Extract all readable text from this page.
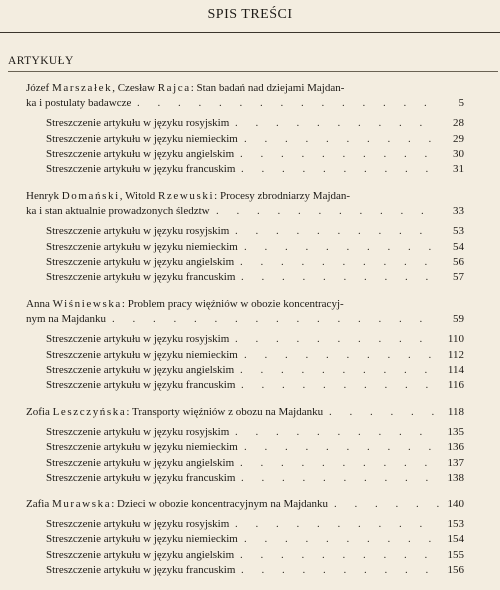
SPIS TREŚCI
ARTYKUŁY
Józef Marszałek, Czesław Rajca: Stan badań nad dziejami Majdan-
ka i postulaty badawcze . . .	5
Streszczenie artykułu w języku rosyjskim . . .	28
Streszczenie artykułu w języku niemieckim . . .	29
Streszczenie artykułu w języku angielskim . . .	30
Streszczenie artykułu w języku francuskim . . .	31
Henryk Domański, Witold Rzewuski: Procesy zbrodniarzy Majdan-
ka i stan aktualnie prowadzonych śledztw . . .	33
Streszczenie artykułu w języku rosyjskim . . .	53
Streszczenie artykułu w języku niemieckim . . .	54
Streszczenie artykułu w języku angielskim . . .	56
Streszczenie artykułu w języku francuskim . . .	57
Anna Wiśniewska: Problem pracy więźniów w obozie koncentracyj-
nym na Majdanku . . .	59
Streszczenie artykułu w języku rosyjskim . . .	110
Streszczenie artykułu w języku niemieckim . . .	112
Streszczenie artykułu w języku angielskim . . .	114
Streszczenie artykułu w języku francuskim . . .	116
Zofia Leszczyńska: Transporty więźniów z obozu na Majdanku . . .	118
Streszczenie artykułu w języku rosyjskim . . .	135
Streszczenie artykułu w języku niemieckim . . .	136
Streszczenie artykułu w języku angielskim . . .	137
Streszczenie artykułu w języku francuskim . . .	138
Zafia Murawska: Dzieci w obozie koncentracyjnym na Majdanku . . .	140
Streszczenie artykułu w języku rosyjskim . . .	153
Streszczenie artykułu w języku niemieckim . . .	154
Streszczenie artykułu w języku angielskim . . .	155
Streszczenie artykułu w języku francuskim . . .	156
